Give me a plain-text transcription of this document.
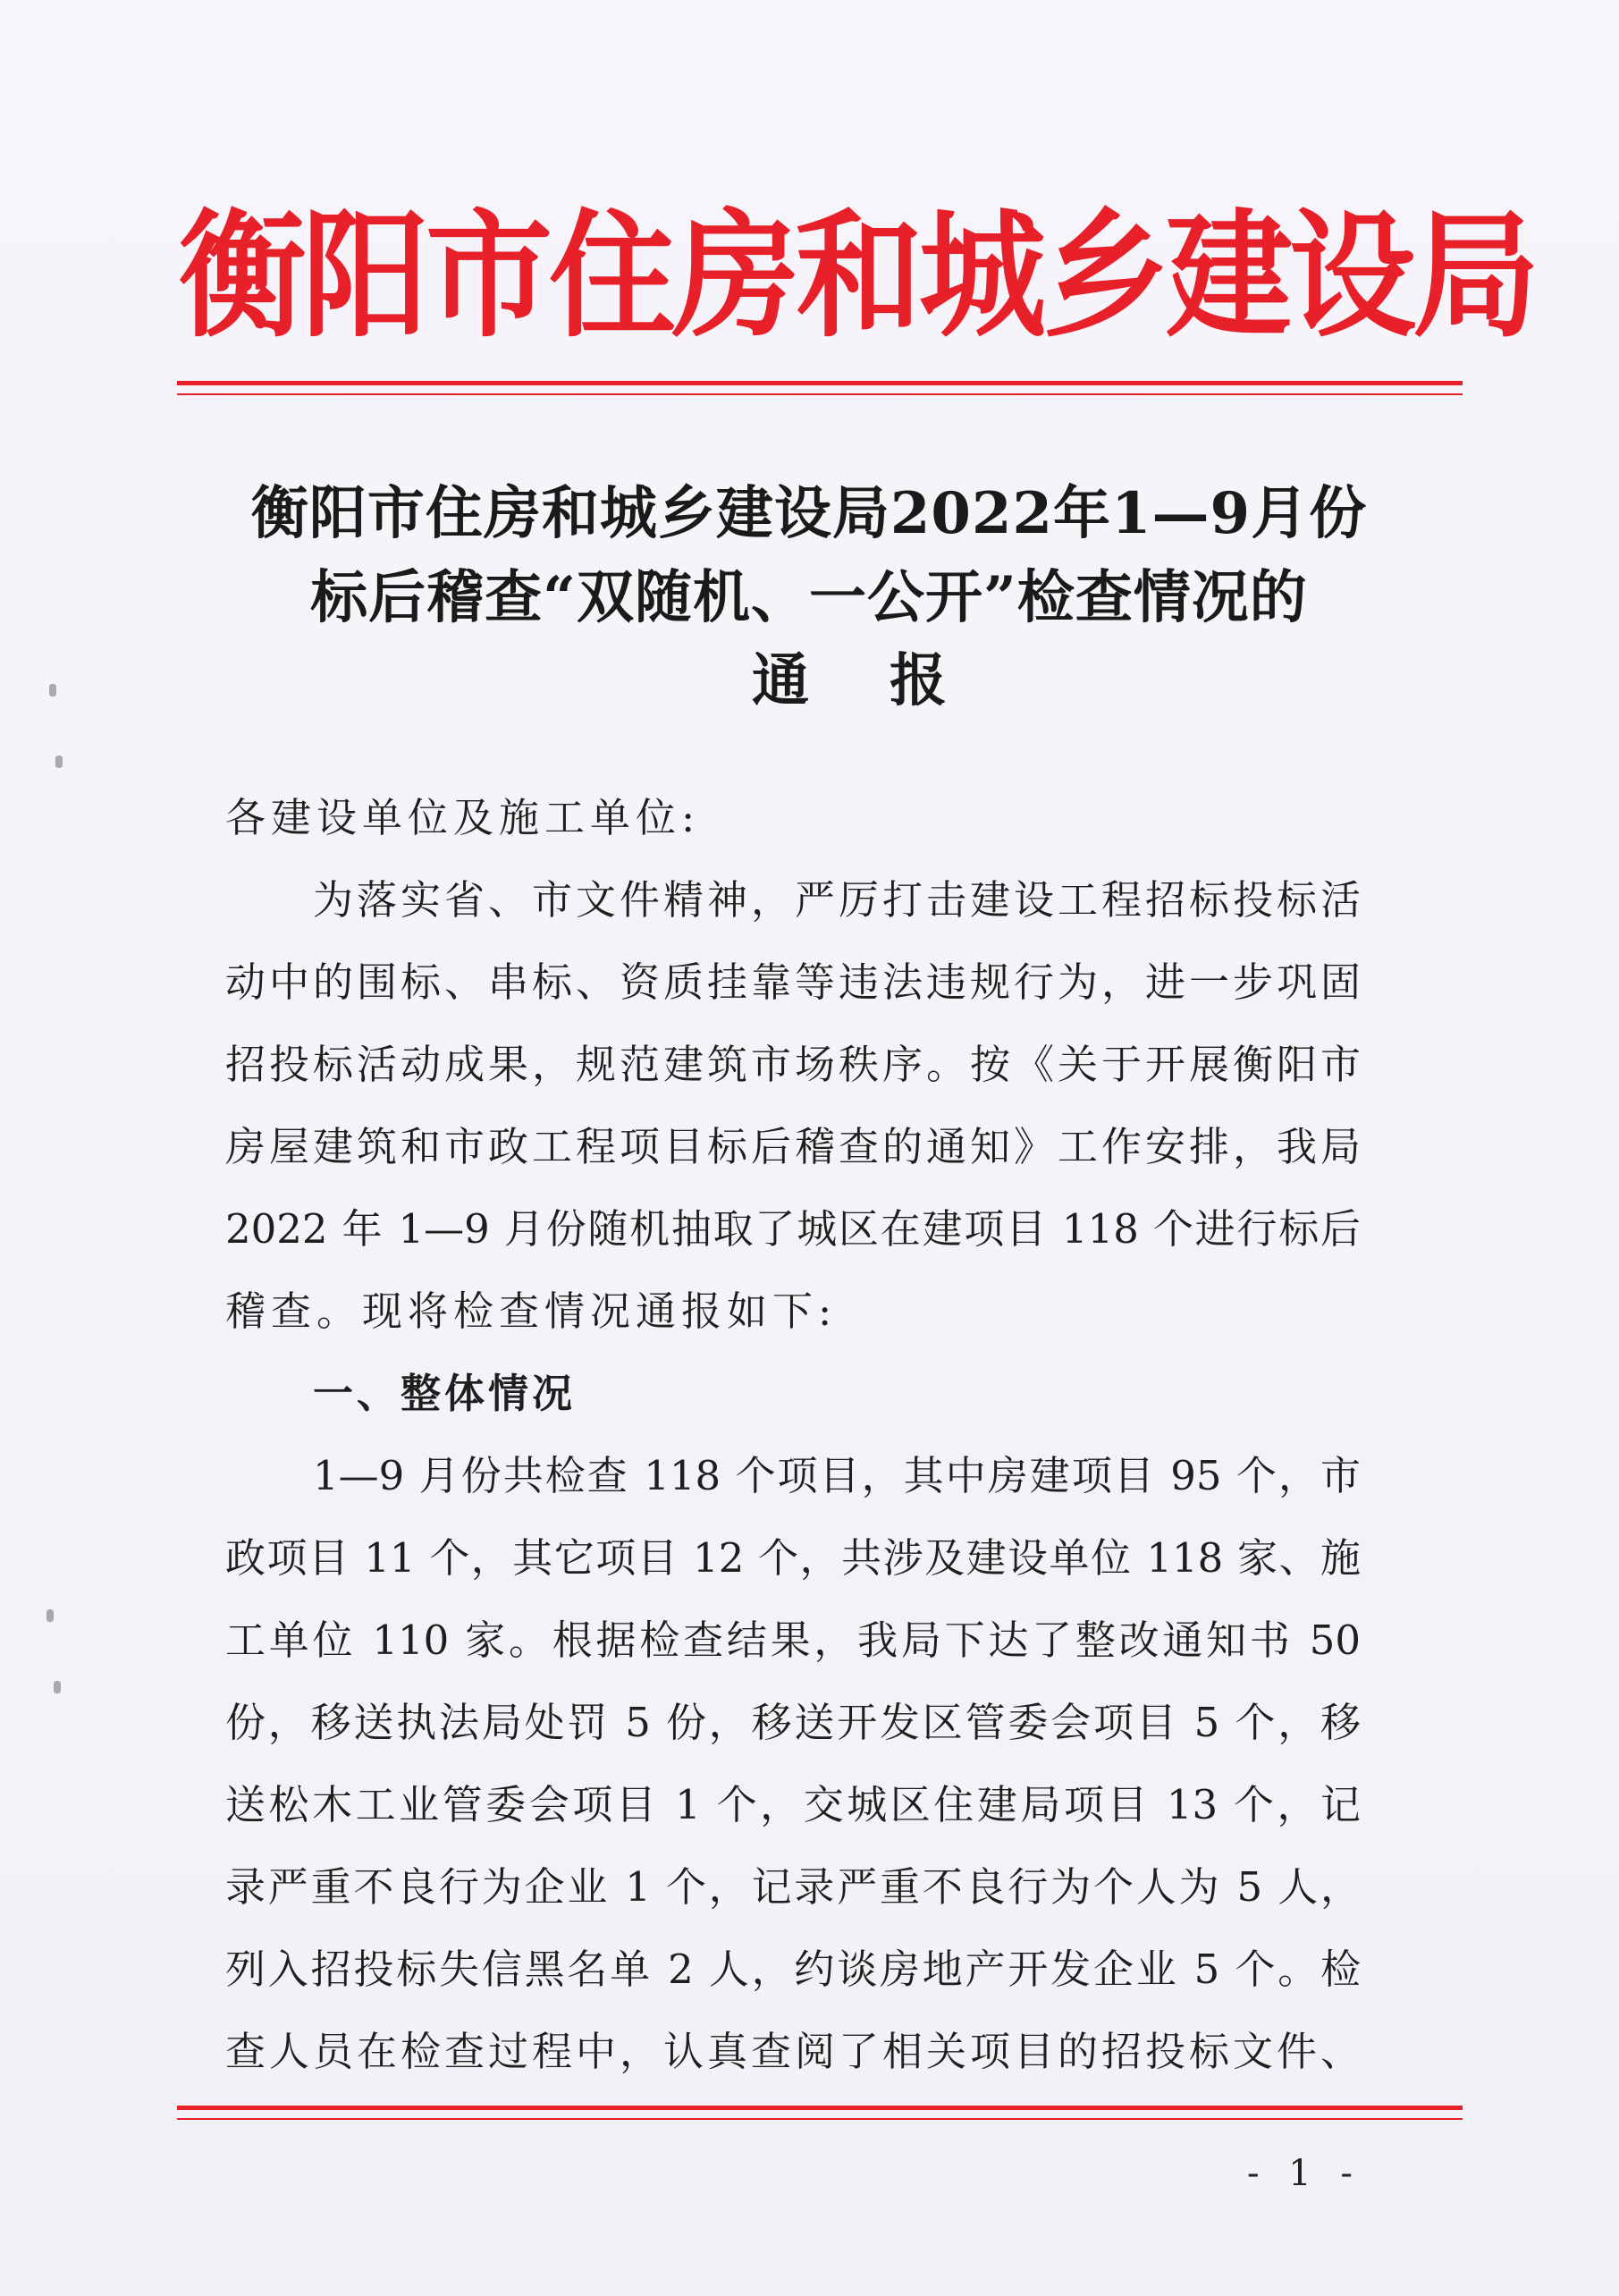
衡阳市住房和城乡建设局
衡阳市住房和城乡建设局2022年1—9月份
标后稽查“双随机、一公开”检查情况的
通报
各建设单位及施工单位:
为落实省、市文件精神，严厉打击建设工程招标投标活
动中的围标、串标、资质挂靠等违法违规行为，进一步巩固
招投标活动成果，规范建筑市场秩序。按《关于开展衡阳市
房屋建筑和市政工程项目标后稽查的通知》工作安排，我局
2022 年 1—9 月份随机抽取了城区在建项目 118 个进行标后
稽查。现将检查情况通报如下:
一、整体情况
1—9 月份共检查 118 个项目，其中房建项目 95 个，市
政项目 11 个，其它项目 12 个，共涉及建设单位 118 家、施
工单位 110 家。根据检查结果，我局下达了整改通知书 50
份，移送执法局处罚 5 份，移送开发区管委会项目 5 个，移
送松木工业管委会项目 1 个，交城区住建局项目 13 个，记
录严重不良行为企业 1 个，记录严重不良行为个人为 5 人，
列入招投标失信黑名单 2 人，约谈房地产开发企业 5 个。检
查人员在检查过程中，认真查阅了相关项目的招投标文件、
- 1 -
